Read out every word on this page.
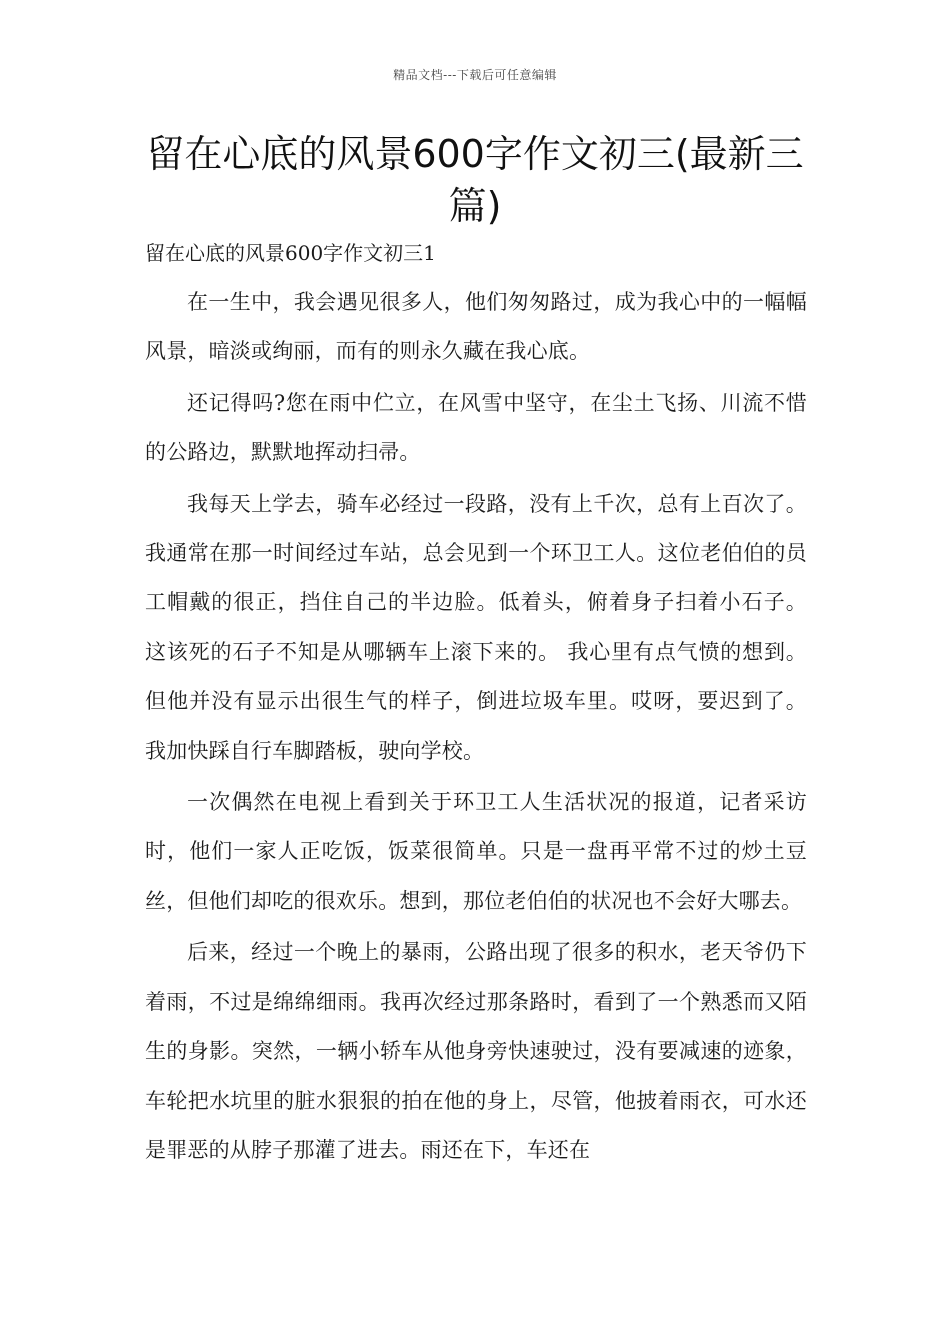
精品文档---下载后可任意编辑
留在心底的风景600字作文初三(最新三篇)
留在心底的风景600字作文初三1

在一生中，我会遇见很多人，他们匆匆路过，成为我心中的一幅幅风景，暗淡或绚丽，而有的则永久藏在我心底。

还记得吗?您在雨中伫立，在风雪中坚守，在尘土飞扬、川流不惜的公路边，默默地挥动扫帚。

我每天上学去，骑车必经过一段路，没有上千次，总有上百次了。我通常在那一时间经过车站，总会见到一个环卫工人。这位老伯伯的员工帽戴的很正，挡住自己的半边脸。低着头，俯着身子扫着小石子。 这该死的石子不知是从哪辆车上滚下来的。 我心里有点气愤的想到。但他并没有显示出很生气的样子，倒进垃圾车里。哎呀，要迟到了。 我加快踩自行车脚踏板，驶向学校。

一次偶然在电视上看到关于环卫工人生活状况的报道，记者采访时，他们一家人正吃饭，饭菜很简单。只是一盘再平常不过的炒土豆丝，但他们却吃的很欢乐。想到，那位老伯伯的状况也不会好大哪去。

后来，经过一个晚上的暴雨，公路出现了很多的积水，老天爷仍下着雨，不过是绵绵细雨。我再次经过那条路时，看到了一个熟悉而又陌生的身影。突然，一辆小轿车从他身旁快速驶过，没有要减速的迹象，车轮把水坑里的脏水狠狠的拍在他的身上，尽管，他披着雨衣，可水还是罪恶的从脖子那灌了进去。雨还在下，车还在
